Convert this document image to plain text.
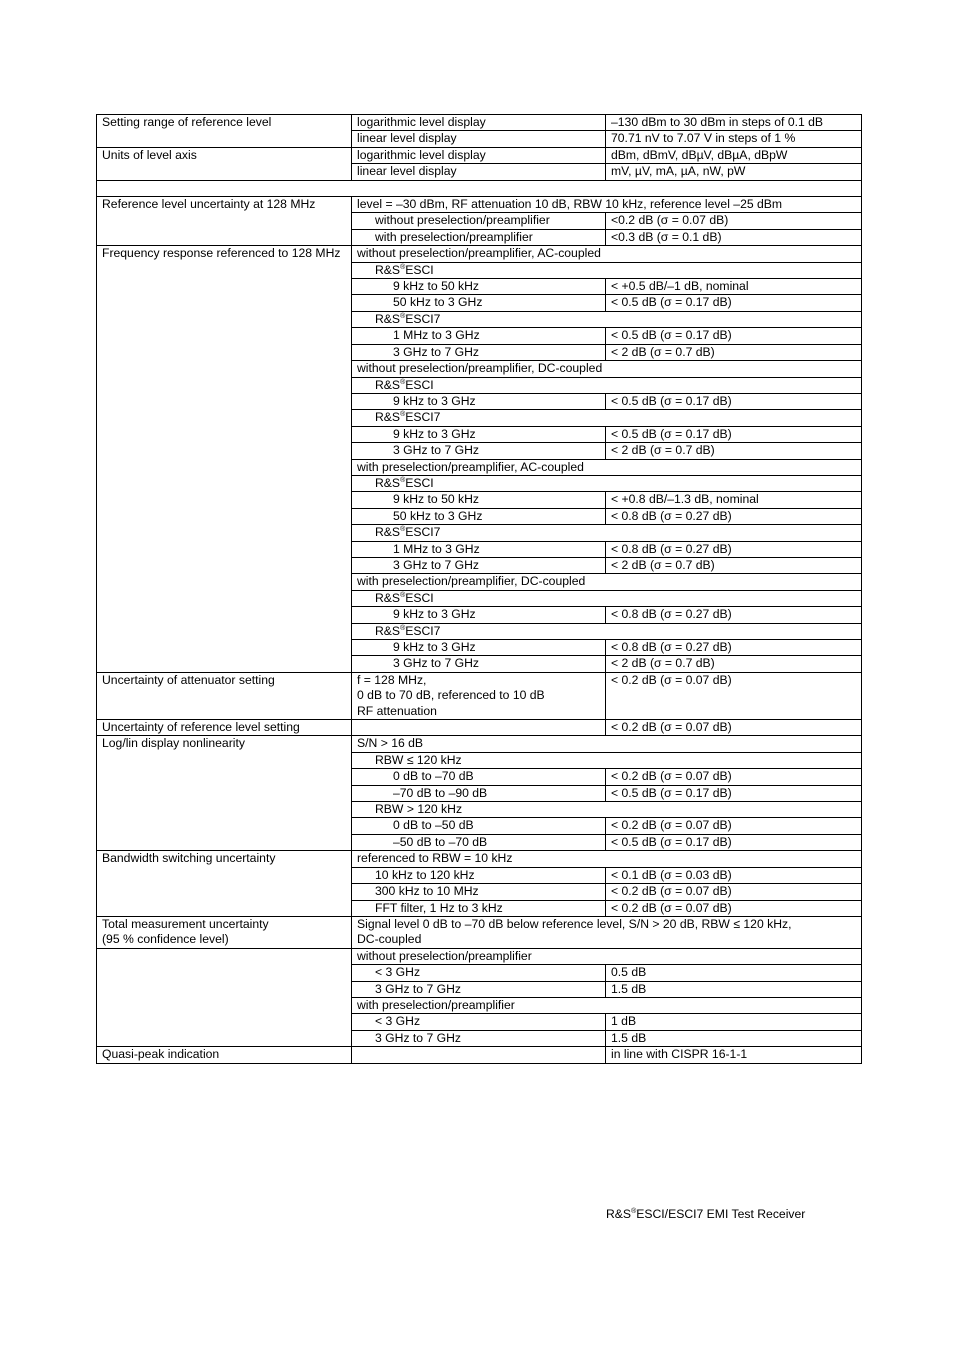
Setting range of reference level	logarithmic level display	–130 dBm to 30 dBm in steps of 0.1 dB
	linear level display	70.71 nV to 7.07 V in steps of 1 %
Units of level axis	logarithmic level display	dBm, dBmV, dBµV, dBµA, dBpW
	linear level display	mV, µV, mA, µA, nW, pW

Reference level uncertainty at 128 MHz	level = –30 dBm, RF attenuation 10 dB, RBW 10 kHz, reference level –25 dBm	
	without preselection/preamplifier	<0.2 dB (σ = 0.07 dB)
	with preselection/preamplifier	<0.3 dB (σ = 0.1 dB)
Frequency response referenced to 128 MHz	without preselection/preamplifier, AC-coupled	
	R&S®ESCI	
	9 kHz to 50 kHz	< +0.5 dB/–1 dB, nominal
	50 kHz to 3 GHz	< 0.5 dB (σ = 0.17 dB)
	R&S®ESCI7	
	1 MHz to 3 GHz	< 0.5 dB (σ = 0.17 dB)
	3 GHz to 7 GHz	< 2 dB (σ = 0.7 dB)
	without preselection/preamplifier, DC-coupled	
	R&S®ESCI	
	9 kHz to 3 GHz	< 0.5 dB (σ = 0.17 dB)
	R&S®ESCI7	
	9 kHz to 3 GHz	< 0.5 dB (σ = 0.17 dB)
	3 GHz to 7 GHz	< 2 dB (σ = 0.7 dB)
	with preselection/preamplifier, AC-coupled	
	R&S®ESCI	
	9 kHz to 50 kHz	< +0.8 dB/–1.3 dB, nominal
	50 kHz to 3 GHz	< 0.8 dB (σ = 0.27 dB)
	R&S®ESCI7	
	1 MHz to 3 GHz	< 0.8 dB (σ = 0.27 dB)
	3 GHz to 7 GHz	< 2 dB (σ = 0.7 dB)
	with preselection/preamplifier, DC-coupled	
	R&S®ESCI	
	9 kHz to 3 GHz	< 0.8 dB (σ = 0.27 dB)
	R&S®ESCI7	
	9 kHz to 3 GHz	< 0.8 dB (σ = 0.27 dB)
	3 GHz to 7 GHz	< 2 dB (σ = 0.7 dB)
Uncertainty of attenuator setting	f = 128 MHz,
0 dB to 70 dB, referenced to 10 dB
RF attenuation	< 0.2 dB (σ = 0.07 dB)
Uncertainty of reference level setting		< 0.2 dB (σ = 0.07 dB)
Log/lin display nonlinearity	S/N > 16 dB	
	RBW ≤ 120 kHz	
	0 dB to –70 dB	< 0.2 dB (σ = 0.07 dB)
	–70 dB to –90 dB	< 0.5 dB (σ = 0.17 dB)
	RBW > 120 kHz	
	0 dB to –50 dB	< 0.2 dB (σ = 0.07 dB)
	–50 dB to –70 dB	< 0.5 dB (σ = 0.17 dB)
Bandwidth switching uncertainty	referenced to RBW = 10 kHz	
	10 kHz to 120 kHz	< 0.1 dB (σ = 0.03 dB)
	300 kHz to 10 MHz	< 0.2 dB (σ = 0.07 dB)
	FFT filter, 1 Hz to 3 kHz	< 0.2 dB (σ = 0.07 dB)
Total measurement uncertainty
(95 % confidence level)	Signal level 0 dB to –70 dB below reference level, S/N > 20 dB, RBW ≤ 120 kHz,
DC-coupled	
	without preselection/preamplifier	
	< 3 GHz	0.5 dB
	3 GHz to 7 GHz	1.5 dB
	with preselection/preamplifier	
	< 3 GHz	1 dB
	3 GHz to 7 GHz	1.5 dB
Quasi-peak indication		in line with CISPR 16-1-1
R&S®ESCI/ESCI7 EMI Test Receiver
